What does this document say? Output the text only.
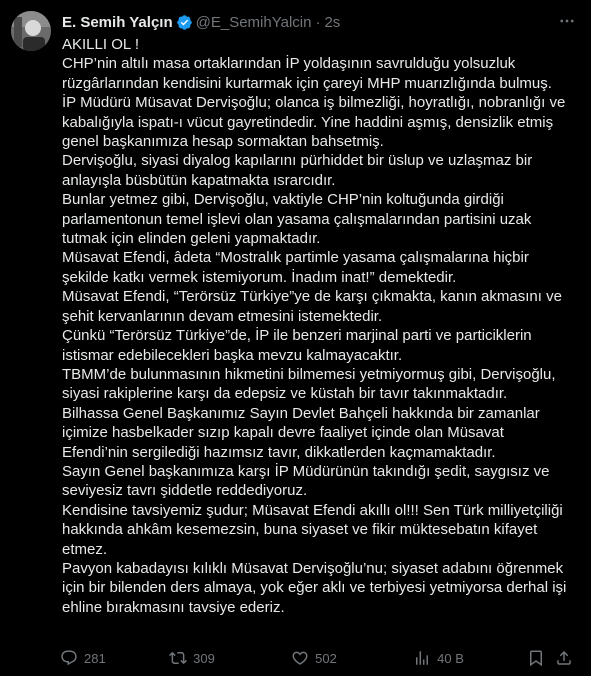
E. Semih Yalçın @E_SemihYalcin · 2s

AKILLI OL !

CHP’nin altılı masa ortaklarından İP yoldaşının savrulduğu yolsuzluk

rüzgârlarından kendisini kurtarmak için çareyi MHP muarızlığında bulmuş.

İP Müdürü Müsavat Dervişoğlu; olanca iş bilmezliği, hoyratlığı, nobranlığı ve

kabalığıyla ispatı-ı vücut gayretindedir. Yine haddini aşmış, densizlik etmiş

genel başkanımıza hesap sormaktan bahsetmiş.

Dervişoğlu, siyasi diyalog kapılarını pürhiddet bir üslup ve uzlaşmaz bir

anlayışla büsbütün kapatmakta ısrarcıdır.

Bunlar yetmez gibi, Dervişoğlu, vaktiyle CHP’nin koltuğunda girdiği

parlamentonun temel işlevi olan yasama çalışmalarından partisini uzak

tutmak için elinden geleni yapmaktadır.

Müsavat Efendi, âdeta “Mostralık partimle yasama çalışmalarına hiçbir

şekilde katkı vermek istemiyorum. İnadım inat!” demektedir.

Müsavat Efendi, “Terörsüz Türkiye”ye de karşı çıkmakta, kanın akmasını ve

şehit kervanlarının devam etmesini istemektedir.

Çünkü “Terörsüz Türkiye”de, İP ile benzeri marjinal parti ve particiklerin

istismar edebilecekleri başka mevzu kalmayacaktır.

TBMM’de bulunmasının hikmetini bilmemesi yetmiyormuş gibi, Dervişoğlu,

siyasi rakiplerine karşı da edepsiz ve küstah bir tavır takınmaktadır.

Bilhassa Genel Başkanımız Sayın Devlet Bahçeli hakkında bir zamanlar

içimize hasbelkader sızıp kapalı devre faaliyet içinde olan Müsavat

Efendi’nin sergilediği hazımsız tavır, dikkatlerden kaçmamaktadır.

Sayın Genel başkanımıza karşı İP Müdürünün takındığı şedit, saygısız ve

seviyesiz tavrı şiddetle reddediyoruz.

Kendisine tavsiyemiz şudur; Müsavat Efendi akıllı ol!!! Sen Türk milliyetçiliği

hakkında ahkâm kesemezsin, buna siyaset ve fikir müktesebatın kifayet

etmez.

Pavyon kabadayısı kılıklı Müsavat Dervişoğlu’nu; siyaset adabını öğrenmek

için bir bilenden ders almaya, yok eğer aklı ve terbiyesi yetmiyorsa derhal işi

ehline bırakmasını tavsiye ederiz.

281	309	502	40 B
